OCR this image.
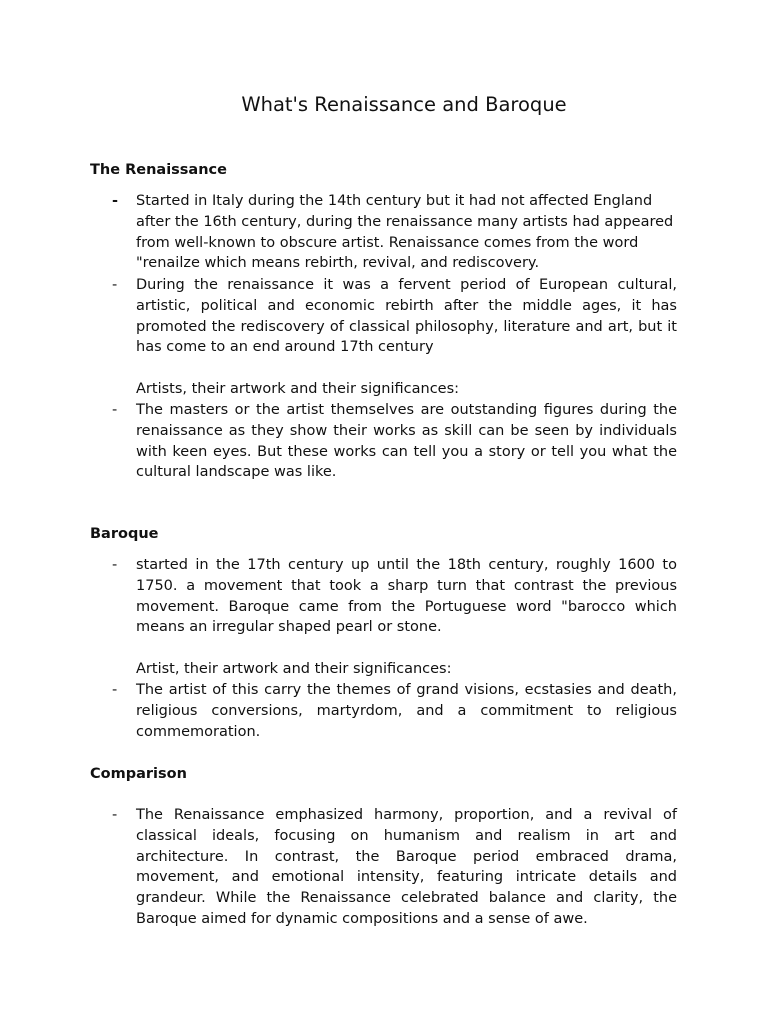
What's Renaissance and Baroque
The Renaissance
- Started in Italy during the 14th century but it had not affected England after the 16th century, during the renaissance many artists had appeared from well-known to obscure artist. Renaissance comes from the word "renailze which means rebirth, revival, and rediscovery.
- During the renaissance it was a fervent period of European cultural, artistic, political and economic rebirth after the middle ages, it has promoted the rediscovery of classical philosophy, literature and art, but it has come to an end around 17th century
Artists, their artwork and their significances:
- The masters or the artist themselves are outstanding figures during the renaissance as they show their works as skill can be seen by individuals with keen eyes. But these works can tell you a story or tell you what the cultural landscape was like.
Baroque
- started in the 17th century up until the 18th century, roughly 1600 to 1750. a movement that took a sharp turn that contrast the previous movement. Baroque came from the Portuguese word "barocco which means an irregular shaped pearl or stone.
Artist, their artwork and their significances:
- The artist of this carry the themes of grand visions, ecstasies and death, religious conversions, martyrdom, and a commitment to religious commemoration.
Comparison
- The Renaissance emphasized harmony, proportion, and a revival of classical ideals, focusing on humanism and realism in art and architecture. In contrast, the Baroque period embraced drama, movement, and emotional intensity, featuring intricate details and grandeur. While the Renaissance celebrated balance and clarity, the Baroque aimed for dynamic compositions and a sense of awe.
